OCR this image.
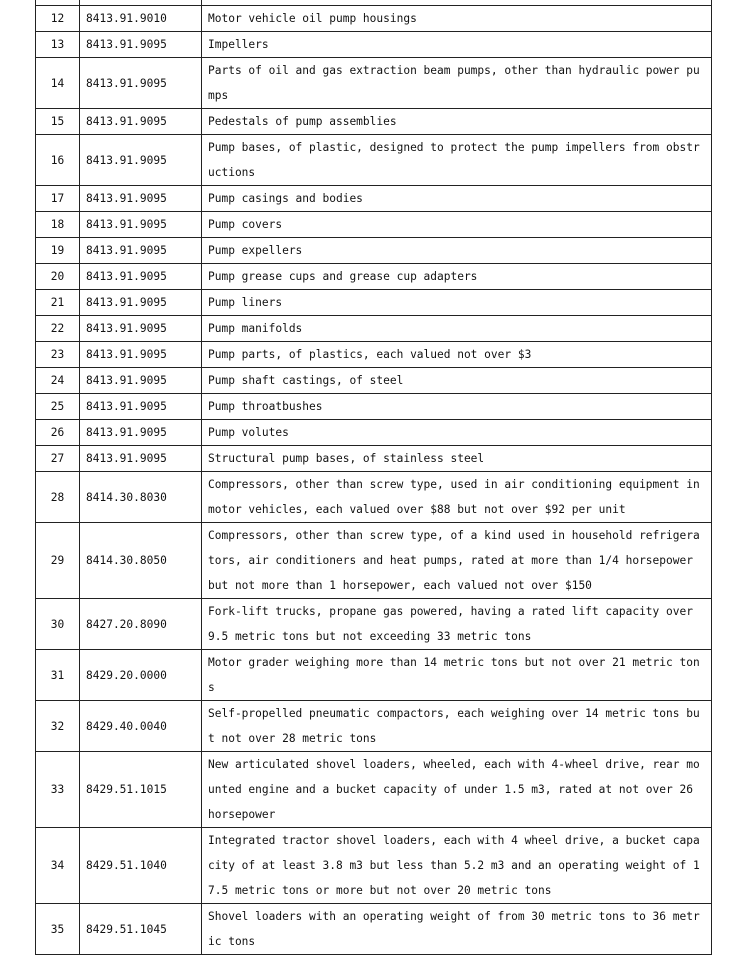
12	8413.91.9010	Motor vehicle oil pump housings
13	8413.91.9095	Impellers
14	8413.91.9095	Parts of oil and gas extraction beam pumps, other than hydraulic power pumps
15	8413.91.9095	Pedestals of pump assemblies
16	8413.91.9095	Pump bases, of plastic, designed to protect the pump impellers from obstructions
17	8413.91.9095	Pump casings and bodies
18	8413.91.9095	Pump covers
19	8413.91.9095	Pump expellers
20	8413.91.9095	Pump grease cups and grease cup adapters
21	8413.91.9095	Pump liners
22	8413.91.9095	Pump manifolds
23	8413.91.9095	Pump parts, of plastics, each valued not over $3
24	8413.91.9095	Pump shaft castings, of steel
25	8413.91.9095	Pump throatbushes
26	8413.91.9095	Pump volutes
27	8413.91.9095	Structural pump bases, of stainless steel
28	8414.30.8030	Compressors, other than screw type, used in air conditioning equipment in motor vehicles, each valued over $88 but not over $92 per unit
29	8414.30.8050	Compressors, other than screw type, of a kind used in household refrigerators, air conditioners and heat pumps, rated at more than 1/4 horsepower but not more than 1 horsepower, each valued not over $150
30	8427.20.8090	Fork-lift trucks, propane gas powered, having a rated lift capacity over 9.5 metric tons but not exceeding 33 metric tons
31	8429.20.0000	Motor grader weighing more than 14 metric tons but not over 21 metric tons
32	8429.40.0040	Self-propelled pneumatic compactors, each weighing over 14 metric tons but not over 28 metric tons
33	8429.51.1015	New articulated shovel loaders, wheeled, each with 4-wheel drive, rear mounted engine and a bucket capacity of under 1.5 m3, rated at not over 26 horsepower
34	8429.51.1040	Integrated tractor shovel loaders, each with 4 wheel drive, a bucket capacity of at least 3.8 m3 but less than 5.2 m3 and an operating weight of 17.5 metric tons or more but not over 20 metric tons
35	8429.51.1045	Shovel loaders with an operating weight of from 30 metric tons to 36 metric tons
